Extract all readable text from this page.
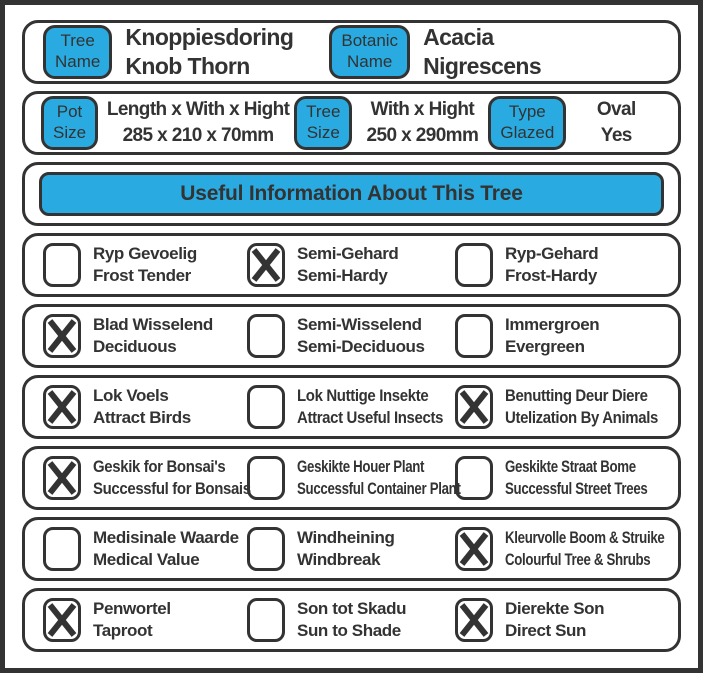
Tree
Name
Knoppiesdoring
Knob Thorn
Botanic
Name
Acacia
Nigrescens
Pot
Size
Length x With x Hight
285 x 210 x 70mm
Tree
Size
With x Hight
250 x 290mm
Type
Glazed
Oval
Yes
Useful Information About This Tree
Ryp Gevoelig
Frost Tender
Semi-Gehard
Semi-Hardy
Ryp-Gehard
Frost-Hardy
Blad Wisselend
Deciduous
Semi-Wisselend
Semi-Deciduous
Immergroen
Evergreen
Lok Voels
Attract Birds
Lok Nuttige Insekte
Attract Useful Insects
Benutting Deur Diere
Utelization By Animals
Geskik for Bonsai's
Successful for Bonsais
Geskikte Houer Plant
Successful Container Plant
Geskikte Straat Bome
Successful Street Trees
Medisinale Waarde
Medical Value
Windheining
Windbreak
Kleurvolle Boom & Struike
Colourful Tree & Shrubs
Penwortel
Taproot
Son tot Skadu
Sun to Shade
Dierekte Son
Direct Sun
